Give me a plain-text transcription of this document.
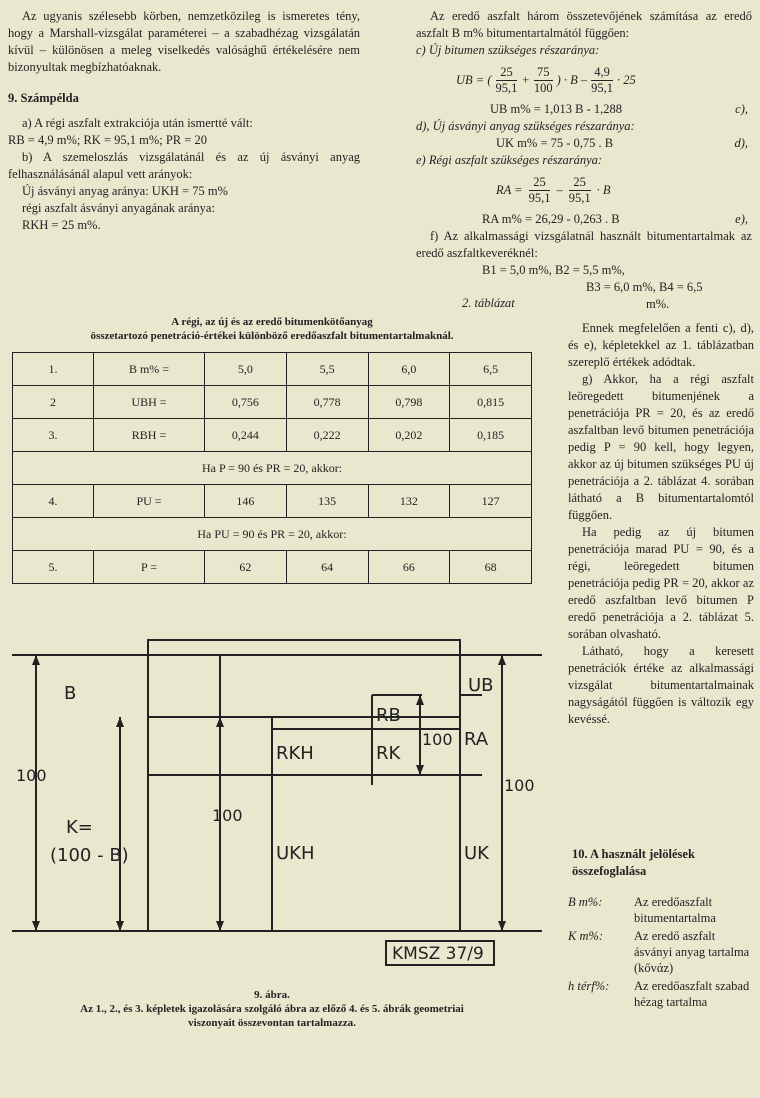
Az ugyanis szélesebb körben, nemzetközileg is ismeretes tény, hogy a Marshall-vizsgálat paraméterei – a szabadhézag vizsgálatán kívül – különösen a meleg viselkedés valósághű értékelésére nem bizonyultak megbízhatóaknak.

9. Számpélda

a) A régi aszfalt extrakciója után ismertté vált:

RB = 4,9 m%; RK = 95,1 m%; PR = 20

b) A szemeloszlás vizsgálatánál és az új ásványi anyag felhasználásánál alapul vett arányok:

Új ásványi anyag aránya: UKH = 75 m%

régi aszfalt ásványi anyagának aránya:

RKH = 25 m%.

Az eredő aszfalt három összetevőjének számítása az eredő aszfalt B m% bitumentartalmától függően:

c) Új bitumen szükséges részaránya:

UB = ( $\frac{25}{95,1} + \frac{75}{100}$ ) · $B - \frac{4,9}{95,1} \cdot 25$
UB m% = 1,013 B - 1,288	c),

d), Új ásványi anyag szükséges részaránya:

UK m% = 75 - 0,75 . B	d),

e) Régi aszfalt szükséges részaránya:

RA = $\frac{25}{95,1} - \frac{25}{95,1} \cdot B$
RA m% = 26,29 - 0,263 . B	e),

f) Az alkalmassági vizsgálatnál használt bitumentartalmak az eredő aszfaltkeveréknél:

B1 = 5,0 m%, B2 = 5,5 m%,

B3 = 6,0 m%, B4 = 6,5

m%.

2. táblázat
A régi, az új és az eredő bitumenkötőanyag
összetartozó penetráció-értékei különböző eredőaszfalt bitumentartalmaknál.

Ennek megfelelően a fenti c), d), és e), képletekkel az 1. táblázatban szereplő értékek adódtak.

g) Akkor, ha a régi aszfalt leöregedett bitumenjének a penetrációja PR = 20, és az eredő aszfaltban levő bitumen penetrációja pedig P = 90 kell, hogy legyen, akkor az új bitumen szükséges PU új penetrációja a 2. táblázat 4. sorában látható a B bitumentartalomtól függően.

Ha pedig az új bitumen penetrációja marad PU = 90, és a régi, leöregedett bitumen penetrációja pedig PR = 20, akkor az eredő aszfaltban levő bitumen P eredő penetrációja a 2. táblázat 5. sorában olvasható.

Látható, hogy a keresett penetrációk értéke az alkalmassági vizsgálat bitumentartalmainak nagyságától függően is változik egy kevéssé.

1.	B m% =	5,0	5,5	6,0	6,5
2	UBH =	0,756	0,778	0,798	0,815
3.	RBH =	0,244	0,222	0,202	0,185
Ha P = 90 és PR = 20, akkor:					
4.	PU =	146	135	132	127
Ha PU = 90 és PR = 20, akkor:					
5.	P =	62	64	66	68
B	UB
RB
RKH	RK
100 RA
100
100
100
K=
(100 - B)	UKH	UK
KMSZ 37/9
9. ábra.
Az 1., 2., és 3. képletek igazolására szolgáló ábra az előző 4. és 5. ábrák geometriai
viszonyait összevontan tartalmazza.
10. A használt jelölések összefoglalása
B m%:	Az eredőaszfalt bitumentartalma
K m%:	Az eredő aszfalt ásványi anyag tartalma (kővάz)
h térf%:	Az eredőaszfalt szabad hézag tartalma
